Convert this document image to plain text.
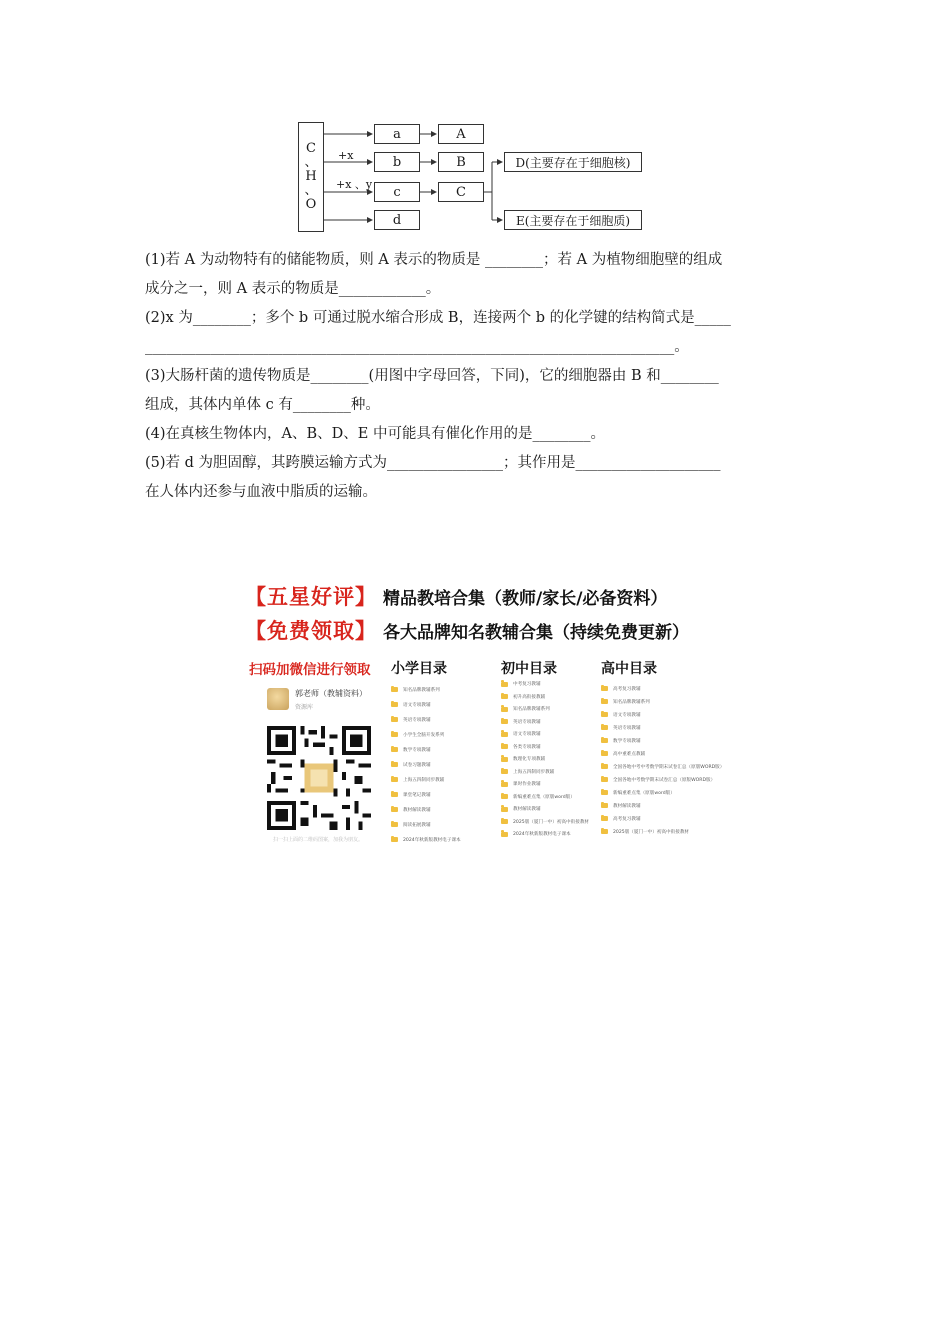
C
、
H
、
O
+x
+x 、y
a
b
c
d
A
B
C
D(主要存在于细胞核)
E(主要存在于细胞质)

(1)若 A 为动物特有的储能物质，则 A 表示的物质是 ________；若 A 为植物细胞壁的组成

成分之一，则 A 表示的物质是____________。

(2)x 为________；多个 b 可通过脱水缩合形成 B，连接两个 b 的化学键的结构简式是_____

_________________________________________________________________________。

(3)大肠杆菌的遗传物质是________(用图中字母回答，下同)，它的细胞器由 B 和________

组成，其体内单体 c 有________种。

(4)在真核生物体内，A、B、D、E 中可能具有催化作用的是________。

(5)若 d 为胆固醇，其跨膜运输方式为________________；其作用是____________________

在人体内还参与血液中脂质的运输。

【五星好评】 精品教培合集（教师/家长/必备资料）
【免费领取】 各大品牌知名教辅合集（持续免费更新）
扫码加微信进行领取
郭老师（教辅资料）
资源库
扫一扫上面的二维码图案，加我为朋友。
小学目录	初中目录	高中目录
知名品牌教辅系列
语文专项教辅
英语专项教辅
小学生全脑开发系列
数学专项教辅
试卷习题教辅
上海五四制同步教辅
课堂笔记教辅
教材解读教辅
阅读拓展教辅
2024年秋新版教材电子课本
中考复习教辅
初升高衔接教辅
知名品牌教辅系列
英语专项教辅
语文专项教辅
各类专项教辅
数理化专项教辅
上海五四制同步教辅
课时作业教辅
新编重难点集（原版word版）
教材解读教辅
2025版（厦门一中）初高中衔接教材
2024年秋新版教材电子课本
高考复习教辅
知名品牌教辅系列
语文专项教辅
英语专项教辅
数学专项教辅
高中重难点教辅
全国各地中考中考数学期末试卷汇总（原版WORD版）
全国各地中考数学期末试卷汇总（原版WORD版）
新编重难点集（原版word版）
教材解读教辅
高考复习教辅
2025版（厦门一中）初高中衔接教材
